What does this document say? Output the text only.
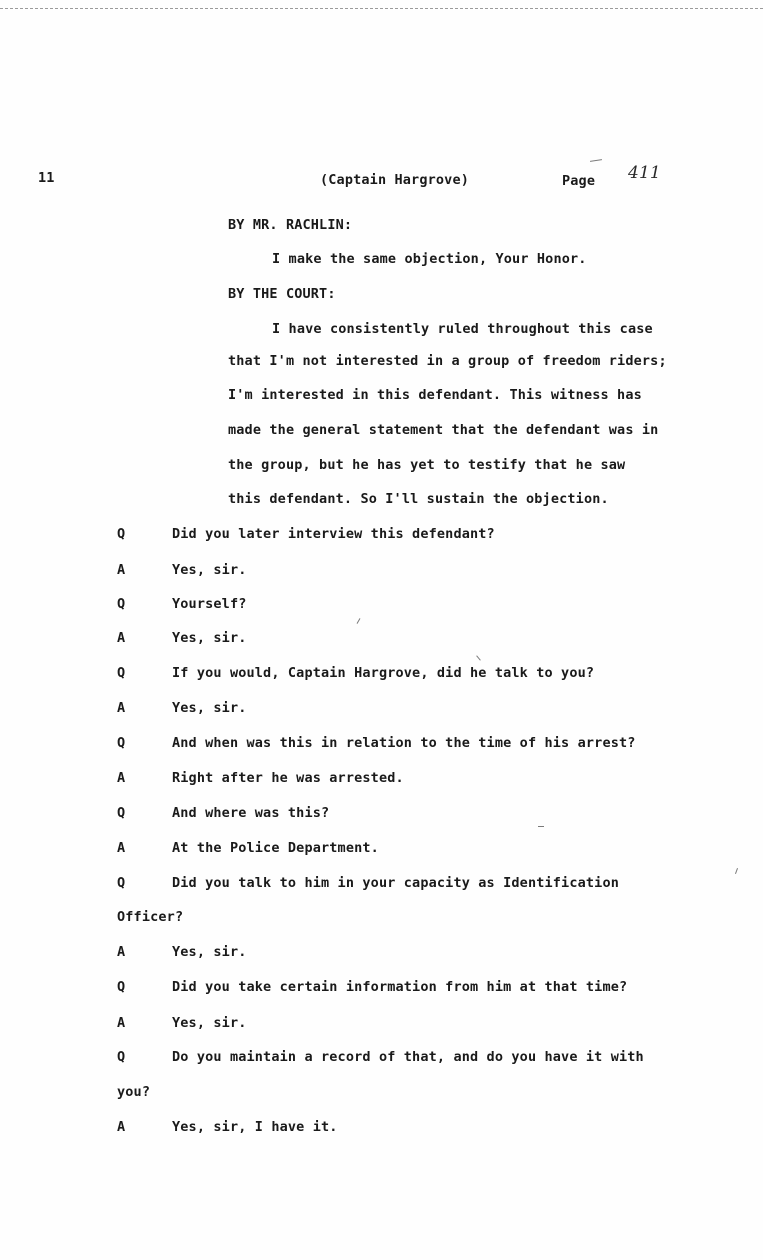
11	(Captain Hargrove)	Page 411
BY MR. RACHLIN:
I make the same objection, Your Honor.
BY THE COURT:
I have consistently ruled throughout this case
that I'm not interested in a group of freedom riders;
I'm interested in this defendant. This witness has
made the general statement that the defendant was in
the group, but he has yet to testify that he saw
this defendant. So I'll sustain the objection.
Q	Did you later interview this defendant?
A	Yes, sir.
Q	Yourself?
A	Yes, sir.
Q	If you would, Captain Hargrove, did he talk to you?
A	Yes, sir.
Q	And when was this in relation to the time of his arrest?
A	Right after he was arrested.
Q	And where was this?
A	At the Police Department.
Q	Did you talk to him in your capacity as Identification
Officer?
A	Yes, sir.
Q	Did you take certain information from him at that time?
A	Yes, sir.
Q	Do you maintain a record of that, and do you have it with
you?
A	Yes, sir, I have it.
